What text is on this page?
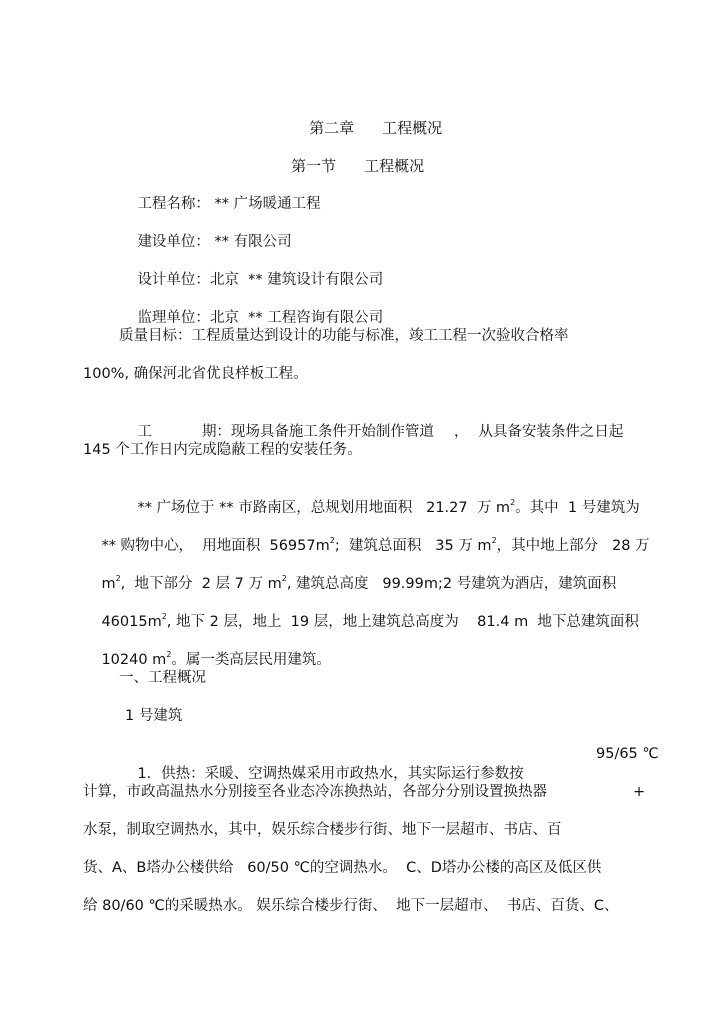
第二章 工程概况

第一节 工程概况

工程名称： ** 广场暖通工程

建设单位： ** 有限公司

设计单位：北京  ** 建筑设计有限公司

监理单位：北京  ** 工程咨询有限公司

质量目标：工程质量达到设计的功能与标准，竣工工程一次验收合格率
100%, 确保河北省优良样板工程。

工	期：现场具备施工条件开始制作管道 ， 从具备安装条件之日起

145 个工作日内完成隐蔽工程的安装任务。

** 广场位于 ** 市路南区，总规划用地面积   21.27  万 $m^2$。其中  1 号建筑为

** 购物中心，  用地面积  $56957m^2$;  建筑总面积   35 万 $m^2$，其中地上部分   28 万

$m^2$,  地下部分  2 层 7 万 $m^2$, 建筑总高度   99.99m;2 号建筑为酒店，建筑面积

$46015m^2$, 地下 2 层，地上  19 层，地上建筑总高度为    81.4 m  地下总建筑面积

10240 $m^2$。属一类高层民用建筑。

一、工程概况
1 号建筑

1．供热：采暖、空调热媒采用市政热水，其实际运行参数按

95/65 ℃
计算，市政高温热水分别接至各业态冷冻换热站，各部分分别设置换热器	+
水泵，制取空调热水，其中，娱乐综合楼步行街、地下一层超市、书店、百
货、A、B塔办公楼供给   60/50 ℃的空调热水。  C、D塔办公楼的高区及低区供
给 80/60 ℃的采暖热水。 娱乐综合楼步行街、  地下一层超市、  书店、百货、C、
